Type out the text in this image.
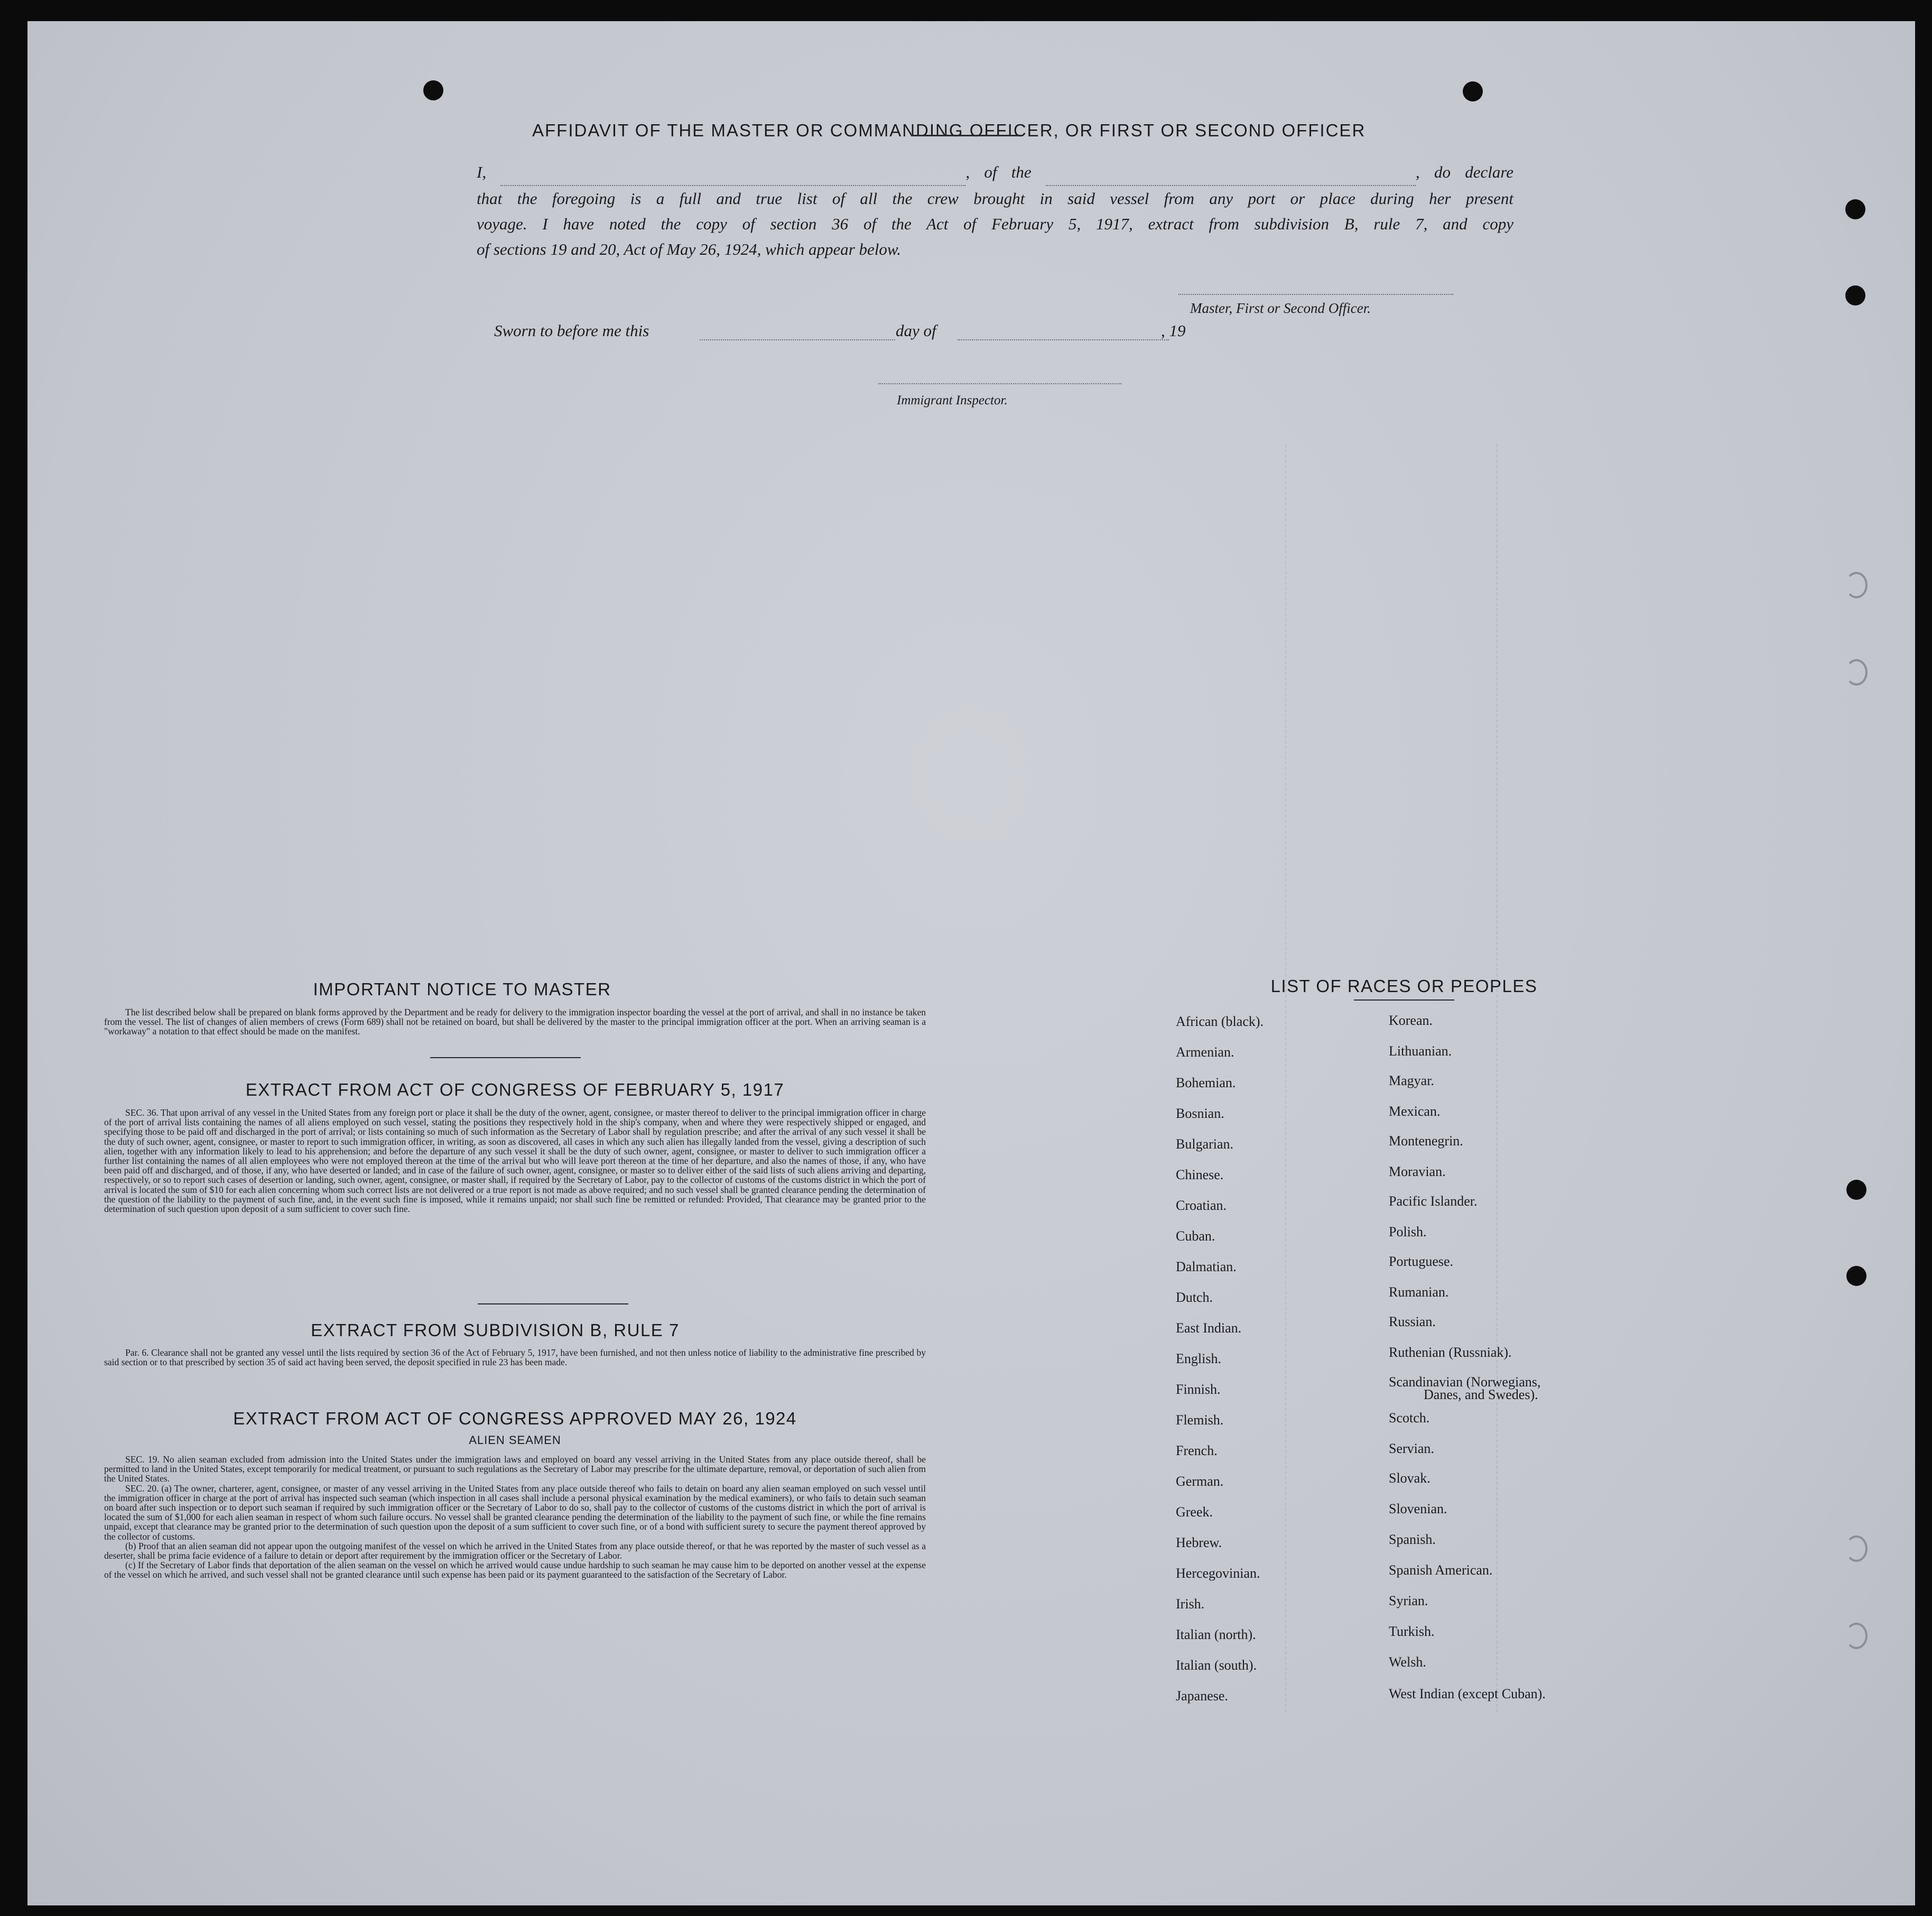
AFFIDAVIT OF THE MASTER OR COMMANDING OFFICER, OR FIRST OR SECOND OFFICER

I,	, of the	, do declare

that the foregoing is a full and true list of all the crew brought in said vessel from any port or place during her present

voyage. I have noted the copy of section 36 of the Act of February 5, 1917, extract from subdivision B, rule 7, and copy

of sections 19 and 20, Act of May 26, 1924, which appear below.

Master, First or Second Officer.
Sworn to before me this	day of	, 19
Immigrant Inspector.
IMPORTANT NOTICE TO MASTER
The list described below shall be prepared on blank forms approved by the Department and be ready for delivery to the immigration inspector boarding the vessel at the port of arrival, and shall in no instance be taken from the vessel. The list of changes of alien members of crews (Form 689) shall not be retained on board, but shall be delivered by the master to the principal immigration officer at the port. When an arriving seaman is a "workaway" a notation to that effect should be made on the manifest.
EXTRACT FROM ACT OF CONGRESS OF FEBRUARY 5, 1917
SEC. 36. That upon arrival of any vessel in the United States from any foreign port or place it shall be the duty of the owner, agent, consignee, or master thereof to deliver to the principal immigration officer in charge of the port of arrival lists containing the names of all aliens employed on such vessel, stating the positions they respectively hold in the ship's company, when and where they were respectively shipped or engaged, and specifying those to be paid off and discharged in the port of arrival; or lists containing so much of such information as the Secretary of Labor shall by regulation prescribe; and after the arrival of any such vessel it shall be the duty of such owner, agent, consignee, or master to report to such immigration officer, in writing, as soon as discovered, all cases in which any such alien has illegally landed from the vessel, giving a description of such alien, together with any information likely to lead to his apprehension; and before the departure of any such vessel it shall be the duty of such owner, agent, consignee, or master to deliver to such immigration officer a further list containing the names of all alien employees who were not employed thereon at the time of the arrival but who will leave port thereon at the time of her departure, and also the names of those, if any, who have been paid off and discharged, and of those, if any, who have deserted or landed; and in case of the failure of such owner, agent, consignee, or master so to deliver either of the said lists of such aliens arriving and departing, respectively, or so to report such cases of desertion or landing, such owner, agent, consignee, or master shall, if required by the Secretary of Labor, pay to the collector of customs of the customs district in which the port of arrival is located the sum of $10 for each alien concerning whom such correct lists are not delivered or a true report is not made as above required; and no such vessel shall be granted clearance pending the determination of the question of the liability to the payment of such fine, and, in the event such fine is imposed, while it remains unpaid; nor shall such fine be remitted or refunded: Provided, That clearance may be granted prior to the determination of such question upon deposit of a sum sufficient to cover such fine.
EXTRACT FROM SUBDIVISION B, RULE 7
Par. 6. Clearance shall not be granted any vessel until the lists required by section 36 of the Act of February 5, 1917, have been furnished, and not then unless notice of liability to the administrative fine prescribed by said section or to that prescribed by section 35 of said act having been served, the deposit specified in rule 23 has been made.
EXTRACT FROM ACT OF CONGRESS APPROVED MAY 26, 1924
ALIEN SEAMEN

SEC. 19. No alien seaman excluded from admission into the United States under the immigration laws and employed on board any vessel arriving in the United States from any place outside thereof, shall be permitted to land in the United States, except temporarily for medical treatment, or pursuant to such regulations as the Secretary of Labor may prescribe for the ultimate departure, removal, or deportation of such alien from the United States.

SEC. 20. (a) The owner, charterer, agent, consignee, or master of any vessel arriving in the United States from any place outside thereof who fails to detain on board any alien seaman employed on such vessel until the immigration officer in charge at the port of arrival has inspected such seaman (which inspection in all cases shall include a personal physical examination by the medical examiners), or who fails to detain such seaman on board after such inspection or to deport such seaman if required by such immigration officer or the Secretary of Labor to do so, shall pay to the collector of customs of the customs district in which the port of arrival is located the sum of $1,000 for each alien seaman in respect of whom such failure occurs. No vessel shall be granted clearance pending the determination of the liability to the payment of such fine, or while the fine remains unpaid, except that clearance may be granted prior to the determination of such question upon the deposit of a sum sufficient to cover such fine, or of a bond with sufficient surety to secure the payment thereof approved by the collector of customs.

(b) Proof that an alien seaman did not appear upon the outgoing manifest of the vessel on which he arrived in the United States from any place outside thereof, or that he was reported by the master of such vessel as a deserter, shall be prima facie evidence of a failure to detain or deport after requirement by the immigration officer or the Secretary of Labor.

(c) If the Secretary of Labor finds that deportation of the alien seaman on the vessel on which he arrived would cause undue hardship to such seaman he may cause him to be deported on another vessel at the expense of the vessel on which he arrived, and such vessel shall not be granted clearance until such expense has been paid or its payment guaranteed to the satisfaction of the Secretary of Labor.

LIST OF RACES OR PEOPLES
African (black).
Armenian.
Bohemian.
Bosnian.
Bulgarian.
Chinese.
Croatian.
Cuban.
Dalmatian.
Dutch.
East Indian.
English.
Finnish.
Flemish.
French.
German.
Greek.
Hebrew.
Hercegovinian.
Irish.
Italian (north).
Italian (south).
Japanese.
Korean.
Lithuanian.
Magyar.
Mexican.
Montenegrin.
Moravian.
Pacific Islander.
Polish.
Portuguese.
Rumanian.
Russian.
Ruthenian (Russniak).
Scandinavian (Norwegians,
Danes, and Swedes).
Scotch.
Servian.
Slovak.
Slovenian.
Spanish.
Spanish American.
Syrian.
Turkish.
Welsh.
West Indian (except Cuban).
